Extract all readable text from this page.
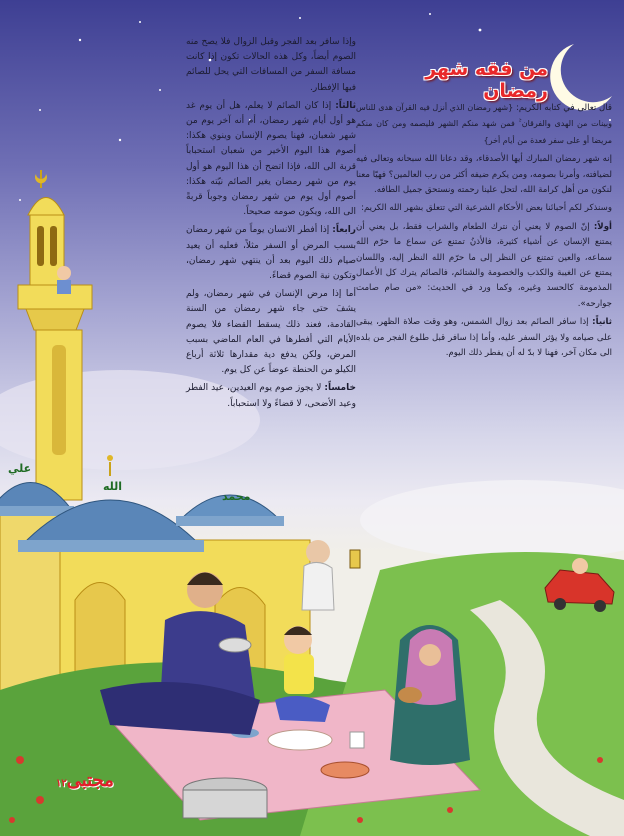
الله
محمد
علي
من فقه شهر رمضان

قال تعالى في كتابه الكريم: {شهر رمضان الذي أنزل فيه القرآن هدى للناس وبينات من الهدى والفرقان ۚ فمن شهد منكم الشهر فليصمه ومن كان منكم مريضا أو على سفر فعدة من أيام أخر}

إنه شهر رمضان المبارك أيها الأصدقاء، وقد دعانا الله سبحانه وتعالى فيه لضيافته، وأمرنا بصومه، ومن يكرم ضيفه أكثر من رب العالمين؟ فهيّا معنا لنكون من أهل كرامة الله، لتحل علينا رحمته ونستحق جميل الطافه.

وسنذكر لكم أحبائنا بعض الأحكام الشرعية التي تتعلق بشهر الله الكريم:

أولاً: إنّ الصوم لا يعني أن نترك الطعام والشراب فقط، بل يعني أن يمتنع الإنسان عن أشياء كثيرة، فالأذنُ تمتنع عن سماع ما حرّم الله سماعه، والعين تمتنع عن النظر إلى ما حرّم الله النظر إليه، واللسان يمتنع عن الغيبة والكذب والخصومة والشتائم، فالصائم يترك كل الأعمال المذمومة كالحسد وغيره، وكما ورد في الحديث: «من صام صامت جوارحه».

ثانياً: إذا سافر الصائم بعد زوال الشمس، وهو وقت صلاة الظهر، يبقى على صيامه ولا يؤثر السفر عليه، وأما إذا سافر قبل طلوع الفجر من بلده الى مكان آخر، فهنا لا بدّ له أن يفطر ذلك اليوم.

وإذا سافر بعد الفجر وقبل الزوال فلا يصح منه الصوم أيضاً، وكل هذه الحالات تكون إذا كانت مسافة السفر من المسافات التي يحل للصائم فيها الإفطار.

ثالثاً: إذا كان الصائم لا يعلم، هل أن يوم غد هو أول أيام شهر رمضان، أم أنه آخر يوم من شهر شعبان، فهنا يصوم الإنسان وينوي هكذا: أصوم هذا اليوم الأخير من شعبان استحباباً قربة الى الله، فإذا اتضح أن هذا اليوم هو أول يوم من شهر رمضان يغير الصائم نيّته هكذا: أصوم أول يوم من شهر رمضان وجوباً قربةً الى الله، ويكون صومه صحيحاً.

رابعاً: إذا أفطر الانسان يوماً من شهر رمضان بسبب المرض أو السفر مثلاً، فعليه أن يعيد صيام ذلك اليوم بعد أن ينتهي شهر رمضان، وتكون نية الصوم قضاءً.

أما إذا مرض الإنسان في شهر رمضان، ولم يشفَ حتى جاء شهر رمضان من السنة القادمة، فعند ذلك يسقط القضاء فلا يصوم الأيام التي أفطرها في العام الماضي بسبب المرض، ولكن يدفع دية مقدارها ثلاثة أرباع الكيلو من الحنطة عوضاً عن كل يوم.

خامساً: لا يجوز صوم يوم العيدين، عيد الفطر وعيد الأضحى، لا قضاءً ولا استحباباً.

مجتبى١٢
